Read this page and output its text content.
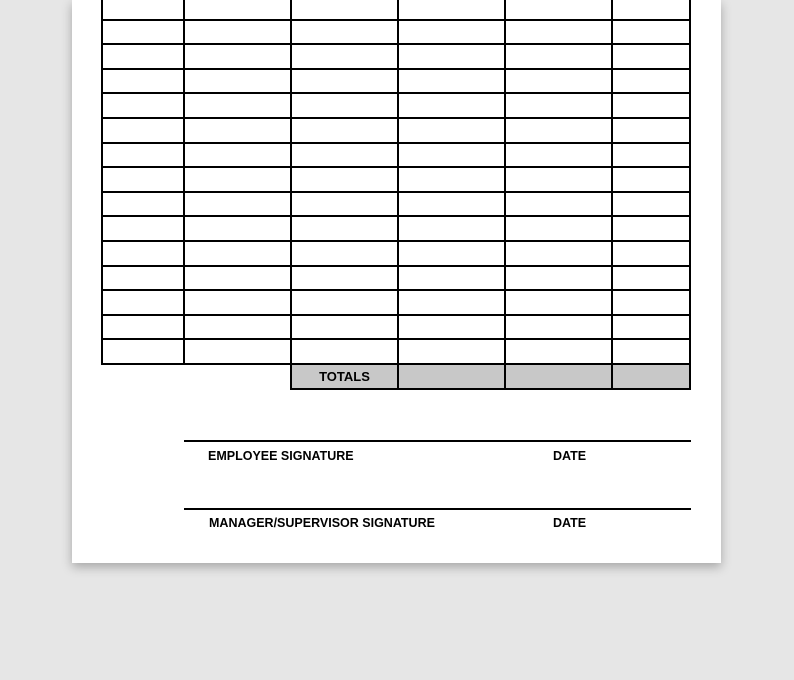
TOTALS
EMPLOYEE SIGNATURE	DATE
MANAGER/SUPERVISOR SIGNATURE	DATE
